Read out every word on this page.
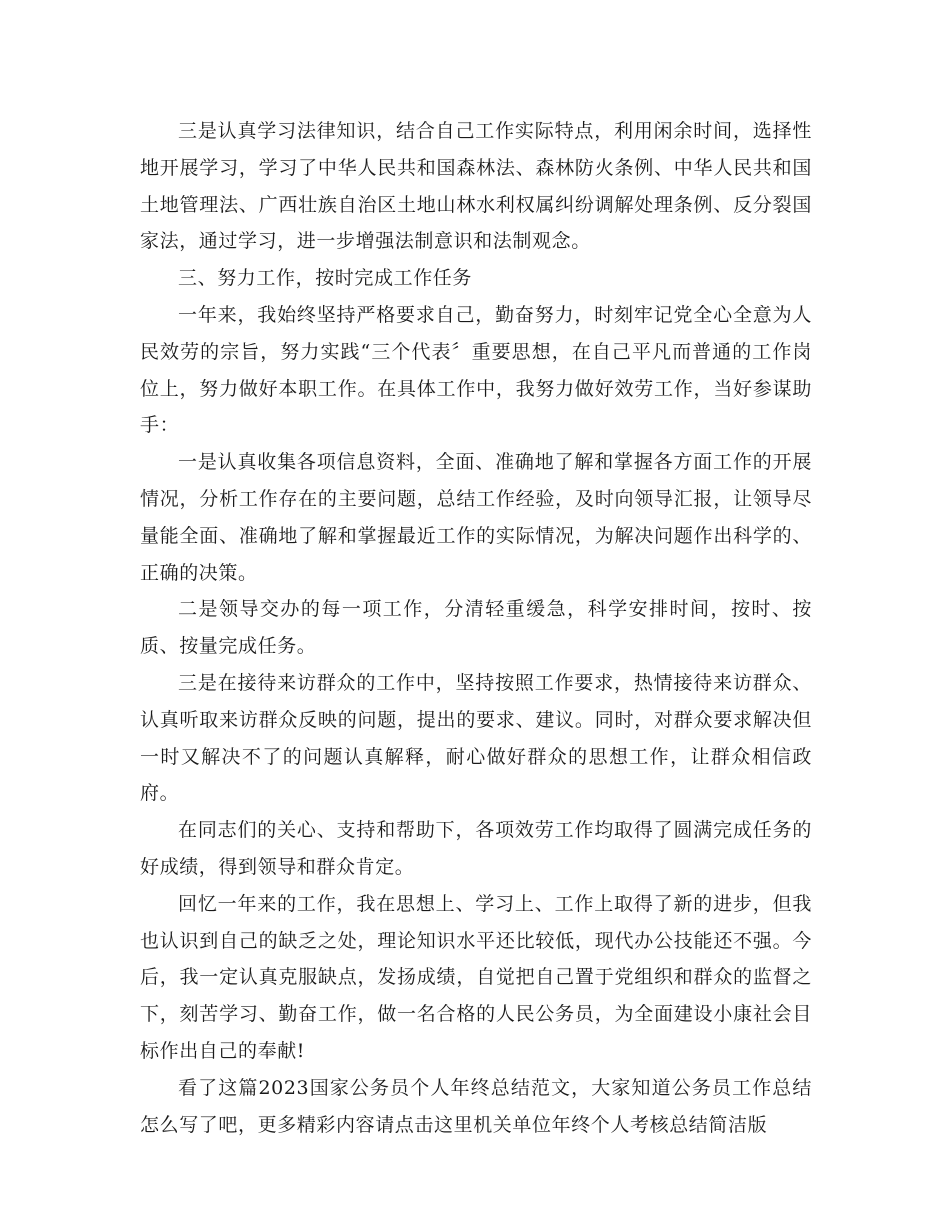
三是认真学习法律知识，结合自己工作实际特点，利用闲余时间，选择性地开展学习，学习了中华人民共和国森林法、森林防火条例、中华人民共和国土地管理法、广西壮族自治区土地山林水利权属纠纷调解处理条例、反分裂国家法，通过学习，进一步增强法制意识和法制观念。

三、努力工作，按时完成工作任务

一年来，我始终坚持严格要求自己，勤奋努力，时刻牢记党全心全意为人民效劳的宗旨，努力实践“三个代表〞重要思想，在自己平凡而普通的工作岗位上，努力做好本职工作。在具体工作中，我努力做好效劳工作，当好参谋助手：

一是认真收集各项信息资料，全面、准确地了解和掌握各方面工作的开展情况，分析工作存在的主要问题，总结工作经验，及时向领导汇报，让领导尽量能全面、准确地了解和掌握最近工作的实际情况，为解决问题作出科学的、正确的决策。

二是领导交办的每一项工作，分清轻重缓急，科学安排时间，按时、按质、按量完成任务。

三是在接待来访群众的工作中，坚持按照工作要求，热情接待来访群众、认真听取来访群众反映的问题，提出的要求、建议。同时，对群众要求解决但一时又解决不了的问题认真解释，耐心做好群众的思想工作，让群众相信政府。

在同志们的关心、支持和帮助下，各项效劳工作均取得了圆满完成任务的好成绩，得到领导和群众肯定。

回忆一年来的工作，我在思想上、学习上、工作上取得了新的进步，但我也认识到自己的缺乏之处，理论知识水平还比较低，现代办公技能还不强。今后，我一定认真克服缺点，发扬成绩，自觉把自己置于党组织和群众的监督之下，刻苦学习、勤奋工作，做一名合格的人民公务员，为全面建设小康社会目标作出自己的奉献!

看了这篇2023国家公务员个人年终总结范文，大家知道公务员工作总结怎么写了吧，更多精彩内容请点击这里机关单位年终个人考核总结简洁版
